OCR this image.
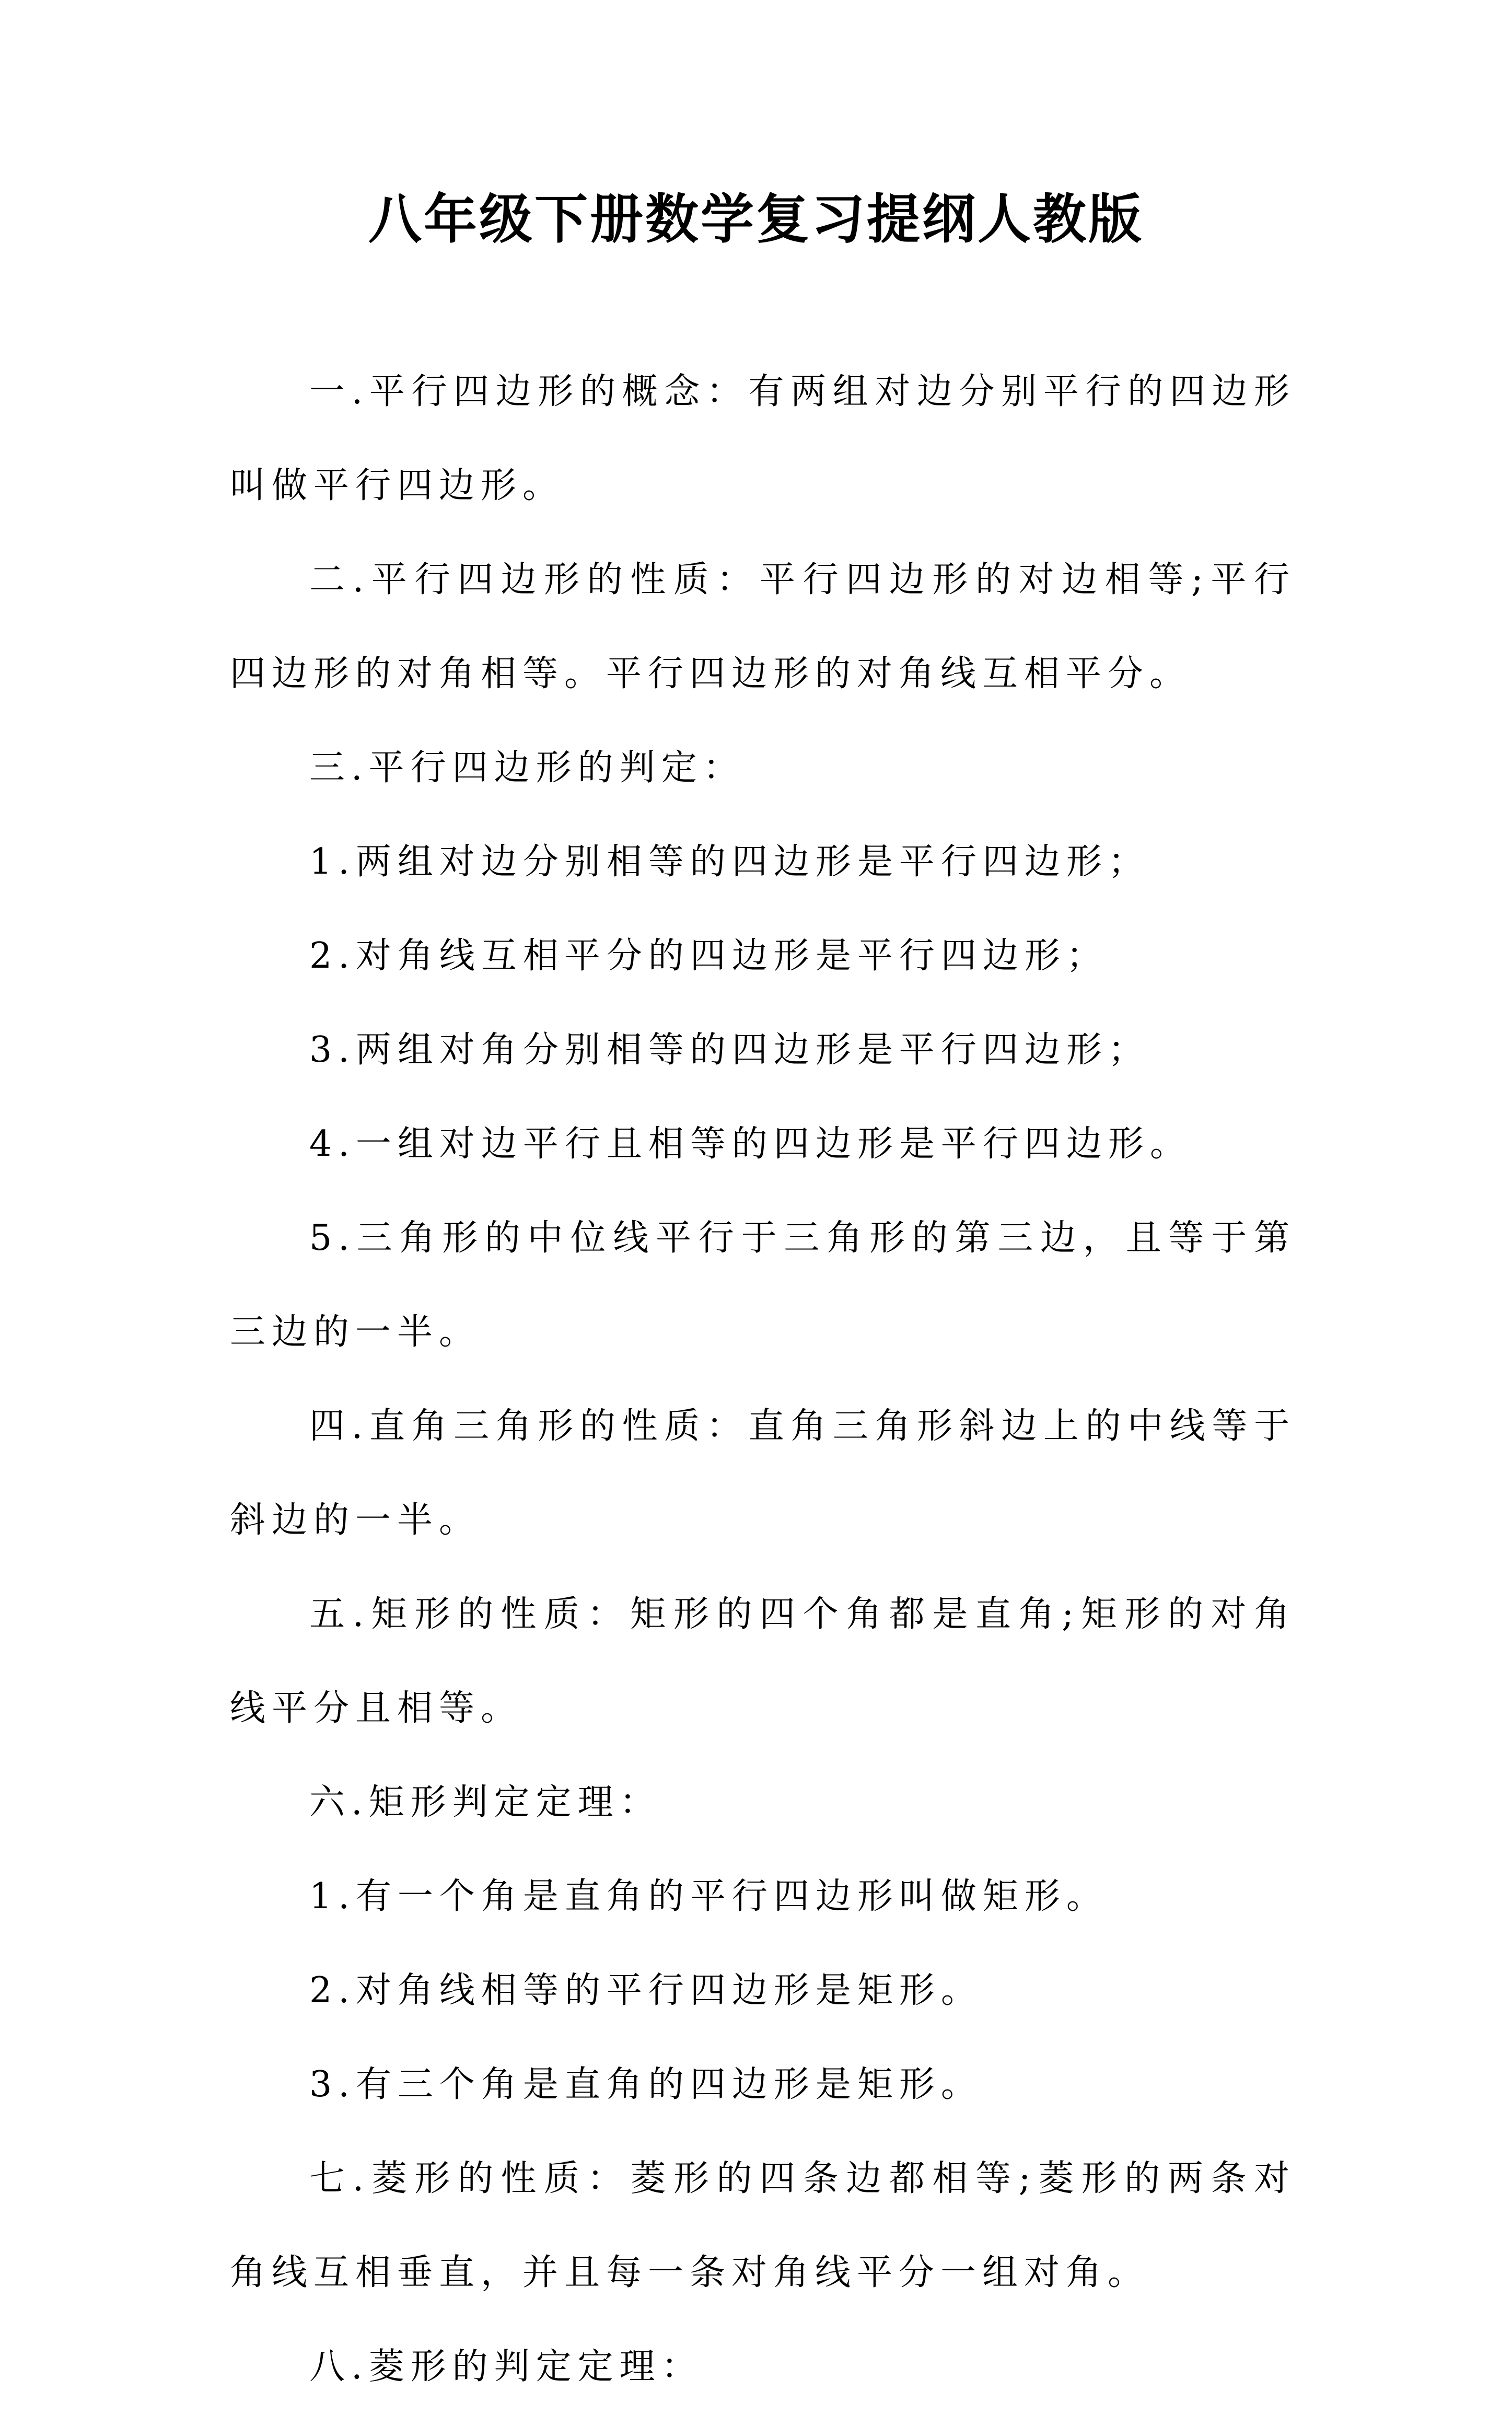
八年级下册数学复习提纲人教版

一.平行四边形的概念：有两组对边分别平行的四边形叫做平行四边形。

二.平行四边形的性质：平行四边形的对边相等;平行四边形的对角相等。平行四边形的对角线互相平分。

三.平行四边形的判定：

1.两组对边分别相等的四边形是平行四边形；

2.对角线互相平分的四边形是平行四边形；

3.两组对角分别相等的四边形是平行四边形；

4.一组对边平行且相等的四边形是平行四边形。

5.三角形的中位线平行于三角形的第三边，且等于第三边的一半。

四.直角三角形的性质：直角三角形斜边上的中线等于斜边的一半。

五.矩形的性质：矩形的四个角都是直角;矩形的对角线平分且相等。

六.矩形判定定理：

1.有一个角是直角的平行四边形叫做矩形。

2.对角线相等的平行四边形是矩形。

3.有三个角是直角的四边形是矩形。

七.菱形的性质：菱形的四条边都相等;菱形的两条对角线互相垂直，并且每一条对角线平分一组对角。

八.菱形的判定定理：
